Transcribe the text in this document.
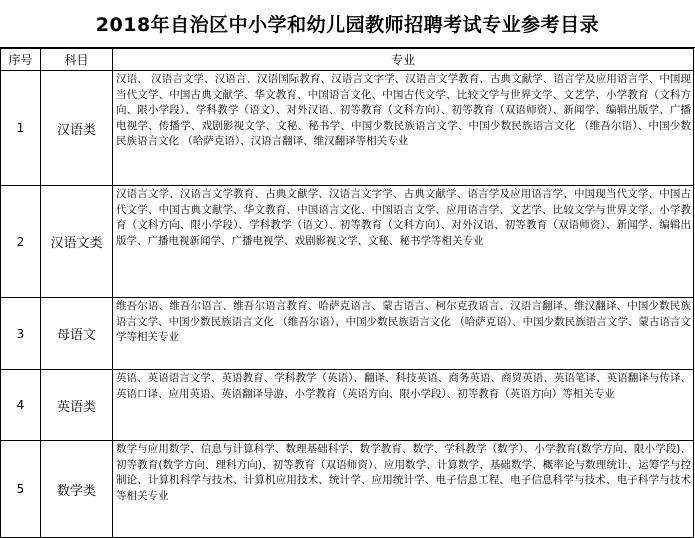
2018年自治区中小学和幼儿园教师招聘考试专业参考目录
序号	科目	专业
1	汉语类	汉语、 汉语言文学、汉语言、汉语国际教育、汉语言文字学、汉语言文学教育、古典文献学、语言学及应用语言学、中国现当代文学、中国古典文献学、华文教育、中国语言文化、中国古代文学、比较文学与世界文学、文艺学、小学教育（文科方向、限小学段）、学科教学（语文）、对外汉语、初等教育（文科方向）、初等教育（双语师资）、新闻学、编辑出版学、广播电视学、传播学、戏剧影视文学、文秘、秘书学、中国少数民族语言文学、中国少数民族语言文化 （维吾尔语）、中国少数民族语言文化 （哈萨克语）、汉语言翻译、维汉翻译等相关专业
2	汉语文类	汉语言文学、汉语言文学教育、古典文献学、汉语言文字学、古典文献学、语言学及应用语言学、中国现当代文学、中国古代文学、中国古典文献学、华文教育、中国语言文化、中国语言文学、应用语言学、文艺学、比较文学与世界文学、小学教育（文科方向、限小学段）、学科教学（语文）、初等教育（文科方向）、对外汉语、初等教育（双语师资）、新闻学、编辑出版学、广播电视新闻学、广播电视学、戏剧影视文学、文秘、秘书学等相关专业
3	母语文	维吾尔语、维吾尔语言、维吾尔语言教育、哈萨克语言、蒙古语言、柯尔克孜语言、汉语言翻译、维汉翻译、中国少数民族语言文学、中国少数民族语言文化 （维吾尔语）、中国少数民族语言文化 （哈萨克语）、中国少数民族语言文学、蒙古语言文学等相关专业
4	英语类	英语、英语语言文学、英语教育、学科教学（英语）、翻译、科技英语、商务英语、商贸英语、英语笔译、英语翻译与传译、英语口译、应用英语、英语翻译导游、小学教育（英语方向、限小学段）、初等教育（英语方向）等相关专业
5	数学类	数学与应用数学、信息与计算科学、数理基础科学、数学教育、数学、学科教学（数学）、小学教育(数学方向、限小学段)、初等教育(数学方向、理科方向)、初等教育（双语师资）、应用数学、计算数学、基础数学、概率论与数理统计、运筹学与控制论、计算机科学与技术、计算机应用技术、统计学、应用统计学、电子信息工程、电子信息科学与技术、电子科学与技术等相关专业
